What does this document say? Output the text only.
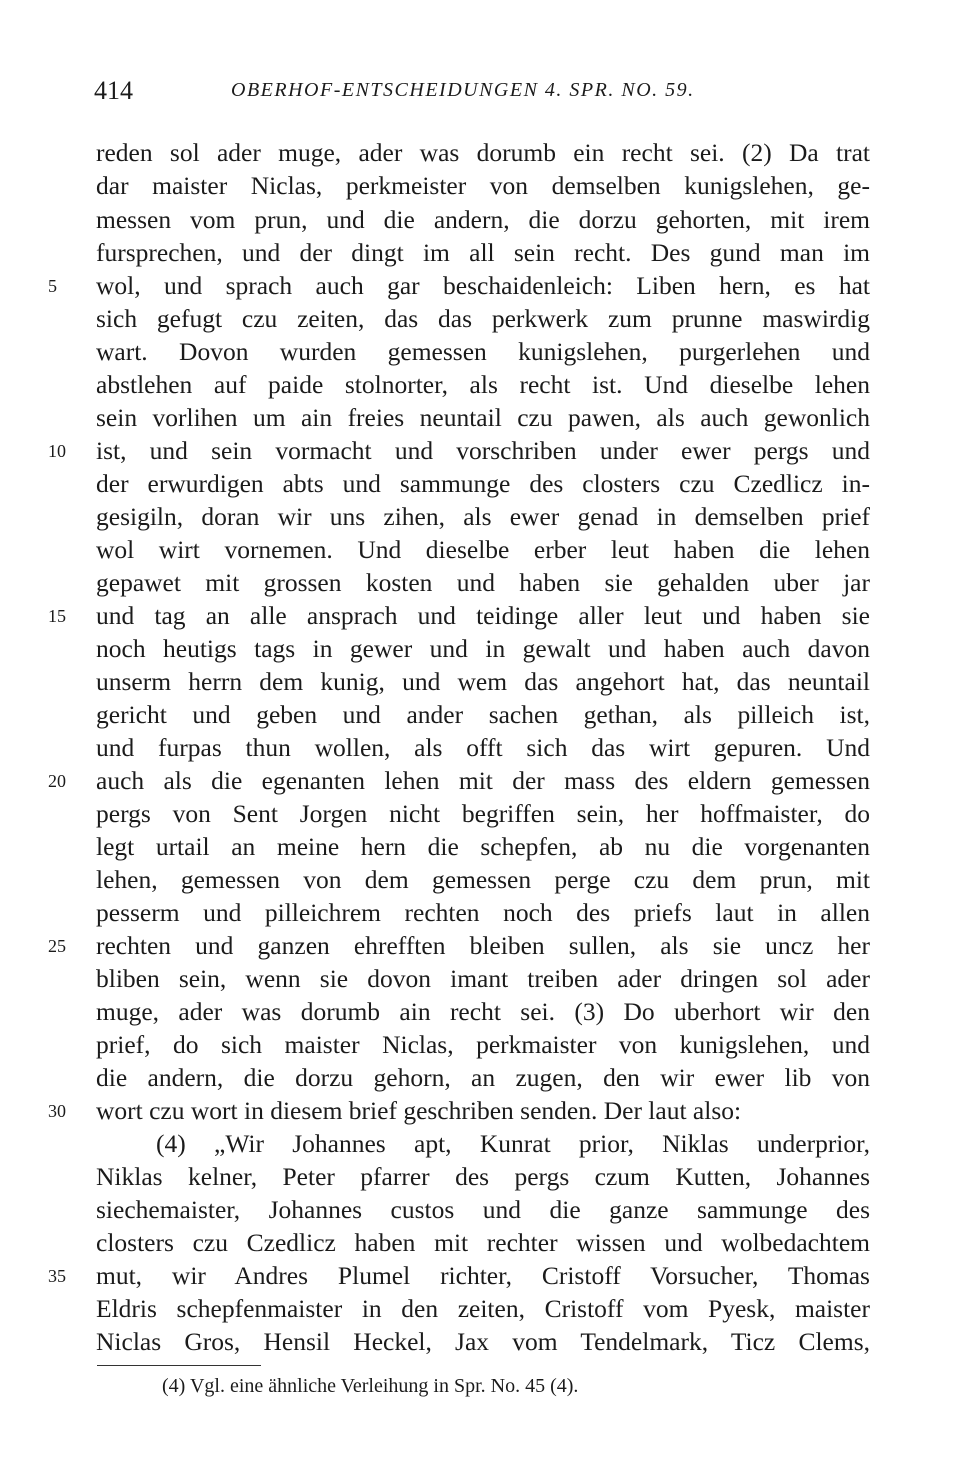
414	OBERHOF-ENTSCHEIDUNGEN 4. SPR. NO. 59.
reden sol ader muge, ader was dorumb ein recht sei. (2) Da trat
dar maister Niclas, perkmeister von demselben kunigslehen, ge-
messen vom prun, und die andern, die dorzu gehorten, mit irem
fursprechen, und der dingt im all sein recht. Des gund man im
wol, und sprach auch gar beschaidenleich: Liben hern, es hat
sich gefugt czu zeiten, das das perkwerk zum prunne maswirdig
wart. Dovon wurden gemessen kunigslehen, purgerlehen und
abstlehen auf paide stolnorter, als recht ist. Und dieselbe lehen
sein vorlihen um ain freies neuntail czu pawen, als auch gewonlich
ist, und sein vormacht und vorschriben under ewer pergs und
der erwurdigen abts und sammunge des closters czu Czedlicz in-
gesigiln, doran wir uns zihen, als ewer genad in demselben prief
wol wirt vornemen. Und dieselbe erber leut haben die lehen
gepawet mit grossen kosten und haben sie gehalden uber jar
und tag an alle ansprach und teidinge aller leut und haben sie
noch heutigs tags in gewer und in gewalt und haben auch davon
unserm herrn dem kunig, und wem das angehort hat, das neuntail
gericht und geben und ander sachen gethan, als pilleich ist,
und furpas thun wollen, als offt sich das wirt gepuren. Und
auch als die egenanten lehen mit der mass des eldern gemessen
pergs von Sent Jorgen nicht begriffen sein, her hoffmaister, do
legt urtail an meine hern die schepfen, ab nu die vorgenanten
lehen, gemessen von dem gemessen perge czu dem prun, mit
pesserm und pilleichrem rechten noch des priefs laut in allen
rechten und ganzen ehrefften bleiben sullen, als sie uncz her
bliben sein, wenn sie dovon imant treiben ader dringen sol ader
muge, ader was dorumb ain recht sei. (3) Do uberhort wir den
prief, do sich maister Niclas, perkmaister von kunigslehen, und
die andern, die dorzu gehorn, an zugen, den wir ewer lib von
wort czu wort in diesem brief geschriben senden. Der laut also:
(4) „Wir Johannes apt, Kunrat prior, Niklas underprior,
Niklas kelner, Peter pfarrer des pergs czum Kutten, Johannes
siechemaister, Johannes custos und die ganze sammunge des
closters czu Czedlicz haben mit rechter wissen und wolbedachtem
mut, wir Andres Plumel richter, Cristoff Vorsucher, Thomas
Eldris schepfenmaister in den zeiten, Cristoff vom Pyesk, maister
Niclas Gros, Hensil Heckel, Jax vom Tendelmark, Ticz Clems,
5
10
15
20
25
30
35
(4) Vgl. eine ähnliche Verleihung in Spr. No. 45 (4).
